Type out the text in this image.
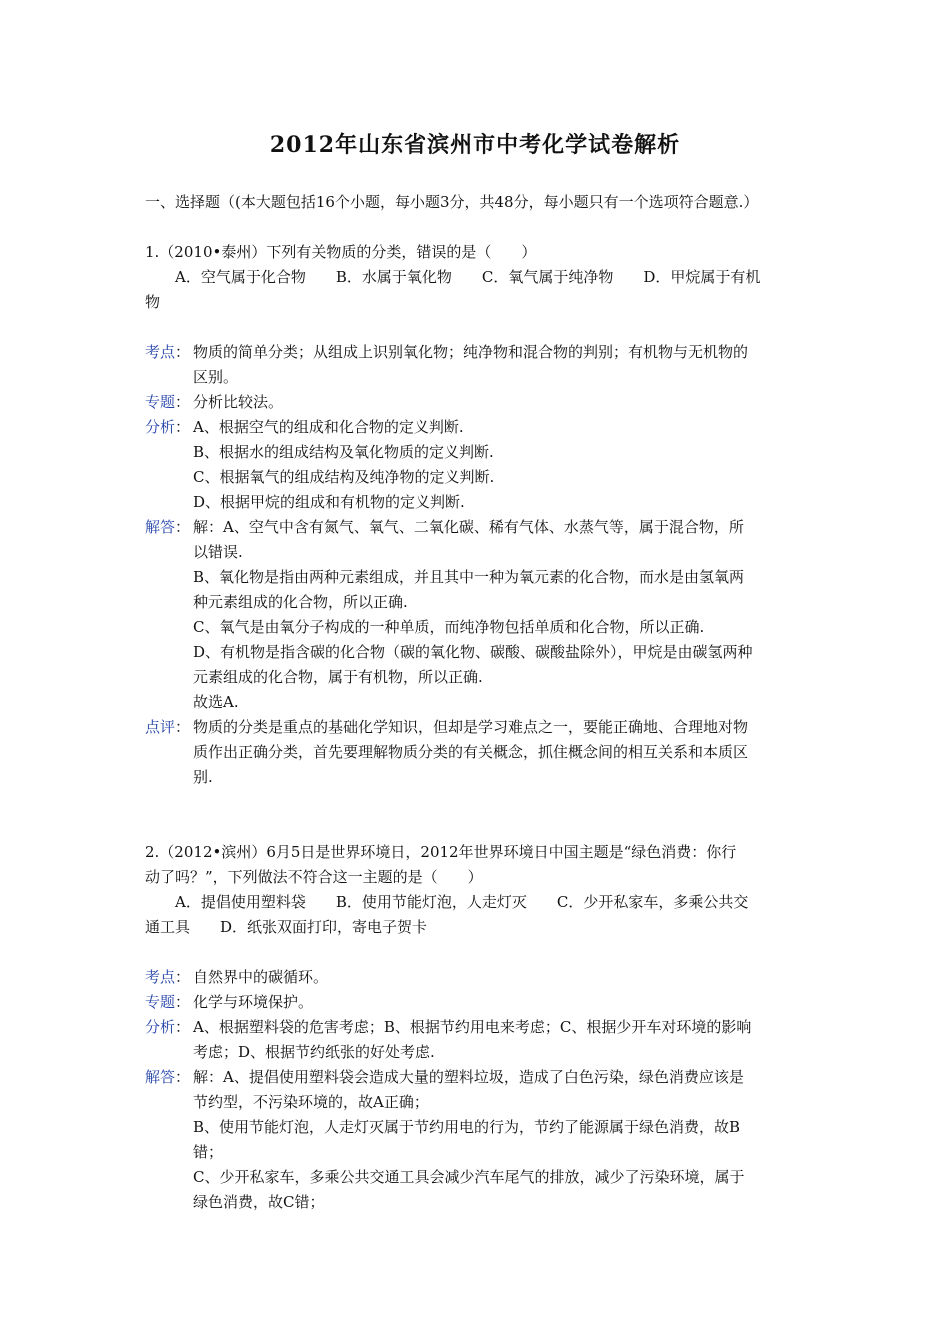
2012年山东省滨州市中考化学试卷解析
一、选择题（(本大题包括16个小题，每小题3分，共48分，每小题只有一个选项符合题意.）
1.（2010•泰州）下列有关物质的分类，错误的是（　　）
A．空气属于化合物　　B．水属于氧化物　　C．氧气属于纯净物　　D．甲烷属于有机
物
考点： 物质的简单分类；从组成上识别氧化物；纯净物和混合物的判别；有机物与无机物的
区别。
专题： 分析比较法。
分析： A、根据空气的组成和化合物的定义判断.
B、根据水的组成结构及氧化物质的定义判断.
C、根据氧气的组成结构及纯净物的定义判断.
D、根据甲烷的组成和有机物的定义判断.
解答： 解：A、空气中含有氮气、氧气、二氧化碳、稀有气体、水蒸气等，属于混合物，所
以错误.
B、氧化物是指由两种元素组成，并且其中一种为氧元素的化合物，而水是由氢氧两
种元素组成的化合物，所以正确.
C、氧气是由氧分子构成的一种单质，而纯净物包括单质和化合物，所以正确.
D、有机物是指含碳的化合物（碳的氧化物、碳酸、碳酸盐除外），甲烷是由碳氢两种
元素组成的化合物，属于有机物，所以正确.
故选A.
点评： 物质的分类是重点的基础化学知识，但却是学习难点之一，要能正确地、合理地对物
质作出正确分类，首先要理解物质分类的有关概念，抓住概念间的相互关系和本质区
别.
2.（2012•滨州）6月5日是世界环境日，2012年世界环境日中国主题是“绿色消费：你行
动了吗？”，下列做法不符合这一主题的是（　　）
A．提倡使用塑料袋　　B．使用节能灯泡，人走灯灭　　C．少开私家车，多乘公共交
通工具　　D．纸张双面打印，寄电子贺卡
考点： 自然界中的碳循环。
专题： 化学与环境保护。
分析： A、根据塑料袋的危害考虑；B、根据节约用电来考虑；C、根据少开车对环境的影响
考虑；D、根据节约纸张的好处考虑.
解答： 解：A、提倡使用塑料袋会造成大量的塑料垃圾，造成了白色污染，绿色消费应该是
节约型，不污染环境的，故A正确；
B、使用节能灯泡，人走灯灭属于节约用电的行为，节约了能源属于绿色消费，故B
错；
C、少开私家车，多乘公共交通工具会减少汽车尾气的排放，减少了污染环境，属于
绿色消费，故C错；
